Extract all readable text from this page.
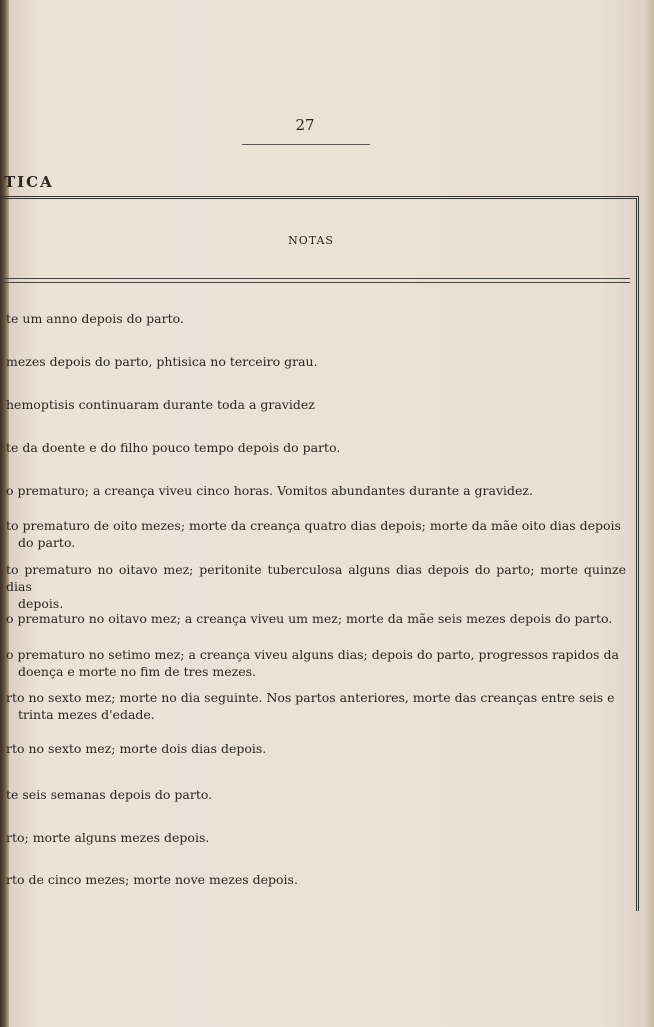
27
TICA
NOTAS
te um anno depois do parto.
mezes depois do parto, phtisica no terceiro grau.
hemoptisis continuaram durante toda a gravidez
te da doente e do filho pouco tempo depois do parto.
o prematuro; a creança viveu cinco horas. Vomitos abundantes durante a gravidez.
to prematuro de oito mezes; morte da creança quatro dias depois; morte da mãe oito dias depois
do parto.
to prematuro no oitavo mez; peritonite tuberculosa alguns dias depois do parto; morte quinze dias
depois.
o prematuro no oitavo mez; a creança viveu um mez; morte da mãe seis mezes depois do parto.
o prematuro no setimo mez; a creança viveu alguns dias; depois do parto, progressos rapidos da
doença e morte no fim de tres mezes.
rto no sexto mez; morte no dia seguinte. Nos partos anteriores, morte das creanças entre seis e
trinta mezes d'edade.
rto no sexto mez; morte dois dias depois.
te seis semanas depois do parto.
rto; morte alguns mezes depois.
rto de cinco mezes; morte nove mezes depois.
